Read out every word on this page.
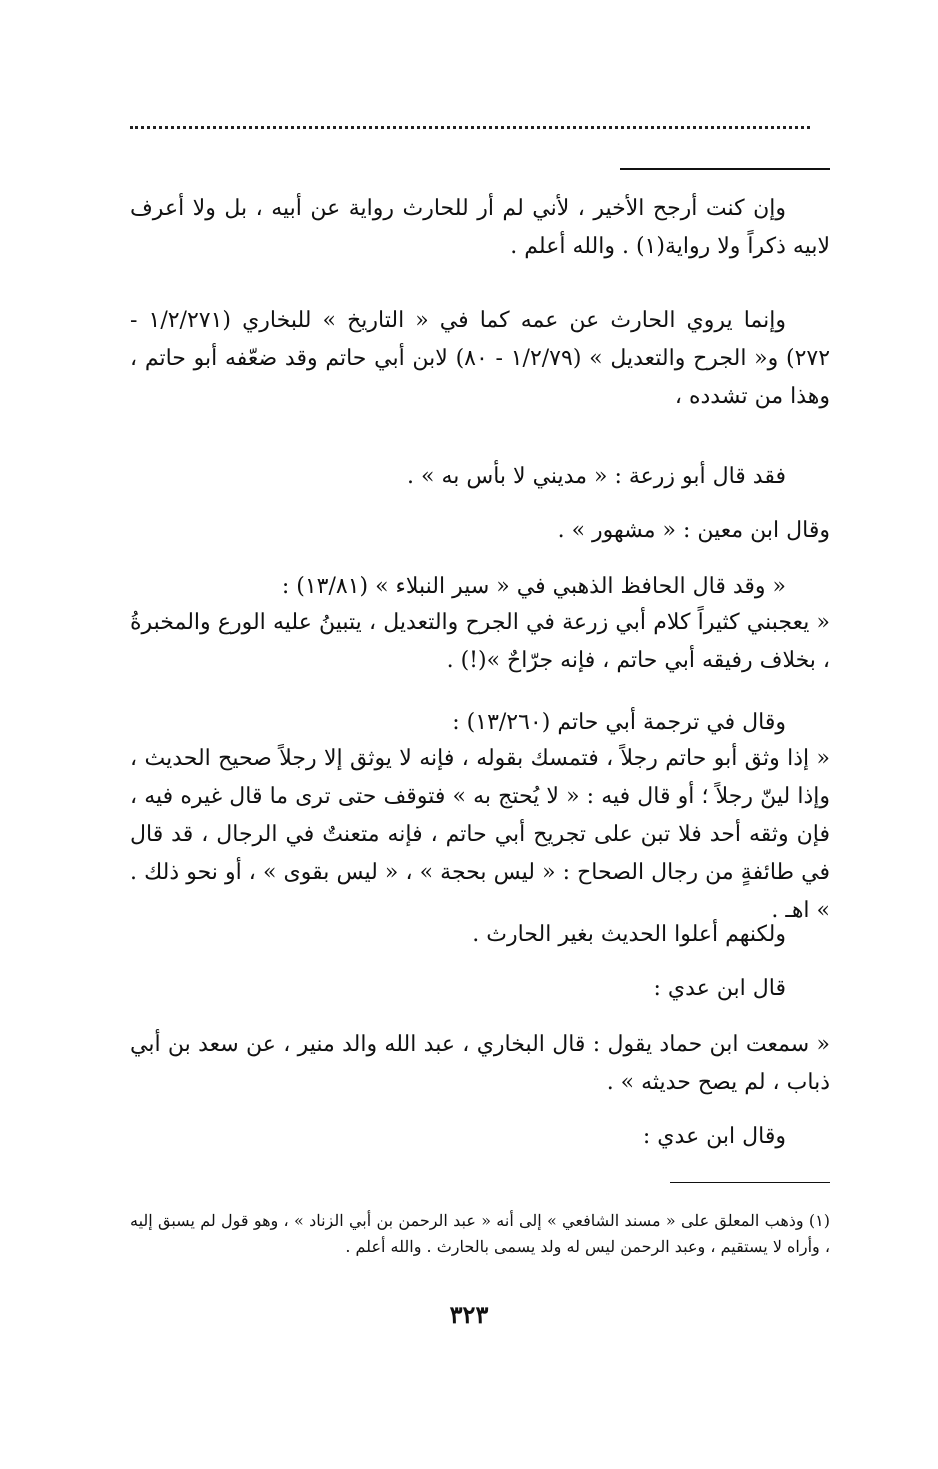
وإن كنت أرجح الأخير ، لأني لم أر للحارث رواية عن أبيه ، بل ولا أعرف لابيه ذكراً ولا رواية(١) . والله أعلم .

وإنما يروي الحارث عن عمه كما في « التاريخ » للبخاري (١/٢/٢٧١ - ٢٧٢) و« الجرح والتعديل » (١/٢/٧٩ - ٨٠) لابن أبي حاتم وقد ضعّفه أبو حاتم ، وهذا من تشدده ،

فقد قال أبو زرعة : « مديني لا بأس به » .

وقال ابن معين : « مشهور » .

« وقد قال الحافظ الذهبي في « سير النبلاء » (١٣/٨١) :

« يعجبني كثيراً كلام أبي زرعة في الجرح والتعديل ، يتبينُ عليه الورع والمخبرةُ ، بخلاف رفيقه أبي حاتم ، فإنه جرّاحٌ »(!) .

وقال في ترجمة أبي حاتم (١٣/٢٦٠) :

« إذا وثق أبو حاتم رجلاً ، فتمسك بقوله ، فإنه لا يوثق إلا رجلاً صحيح الحديث ، وإذا لينّ رجلاً ؛ أو قال فيه : « لا يُحتج به » فتوقف حتى ترى ما قال غيره فيه ، فإن وثقه أحد فلا تبن على تجريح أبي حاتم ، فإنه متعنتٌ في الرجال ، قد قال في طائفةٍ من رجال الصحاح : « ليس بحجة » ، « ليس بقوى » ، أو نحو ذلك . » اهـ .

ولكنهم أعلوا الحديث بغير الحارث .

قال ابن عدي :

« سمعت ابن حماد يقول : قال البخاري ، عبد الله والد منير ، عن سعد بن أبي ذباب ، لم يصح حديثه » .

وقال ابن عدي :

(١) وذهب المعلق على « مسند الشافعي » إلى أنه « عبد الرحمن بن أبي الزناد » ، وهو قول لم يسبق إليه ، وأراه لا يستقيم ، وعبد الرحمن ليس له ولد يسمى بالحارث . والله أعلم .

٣٢٣
